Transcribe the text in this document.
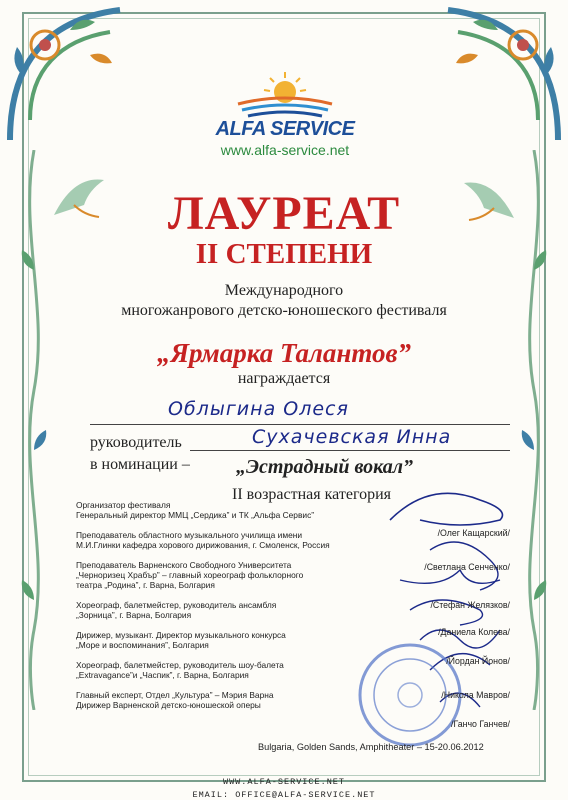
ALFA SERVICE
www.alfa-service.net
ЛАУРЕАТ
II СТЕПЕНИ
Международного
многожанрового детско-юношеского фестиваля
„Ярмарка Талантов”
награждается
Облыгина Олеся
руководитель	Сухачевская Инна
в номинации – „Эстрадный вокал”
II возрастная категория
Организатор фестиваля
Генеральный директор ММЦ „Сердика” и ТК „Альфа Сервис”
Преподаватель областного музыкального училища имени
М.И.Глинки кафедра хорового дирижования, г. Смоленск, Россия
Преподаватель Варненского Свободного Университета
„Черноризец Храбър” – главный хореограф фольклорного
театра „Родина”, г. Варна, Болгария
Хореограф, балетмейстер, руководитель ансамбля
„Зорница”, г. Варна, Болгария
Дирижер, музыкант. Директор музыкального конкурса
„Море и воспоминания”, Болгария
Хореограф, балетмейстер, руководитель шоу-балета
„Extravagance”и „Часпик”, г. Варна, Болгария
Главный експерт, Отдел „Культура” – Мэрия Варна
Дирижер Варненской детско-юношеской оперы
/Олег Кащарский/
/Светлана Сенченко/
/Стефан Желязков/
/Даниела Колева/
/Йордан Йонов/
/Никола Мавров/
/Ганчо Ганчев/
Bulgaria, Golden Sands, Amphitheater – 15-20.06.2012
WWW.ALFA-SERVICE.NET
EMAIL: OFFICE@ALFA-SERVICE.NET
